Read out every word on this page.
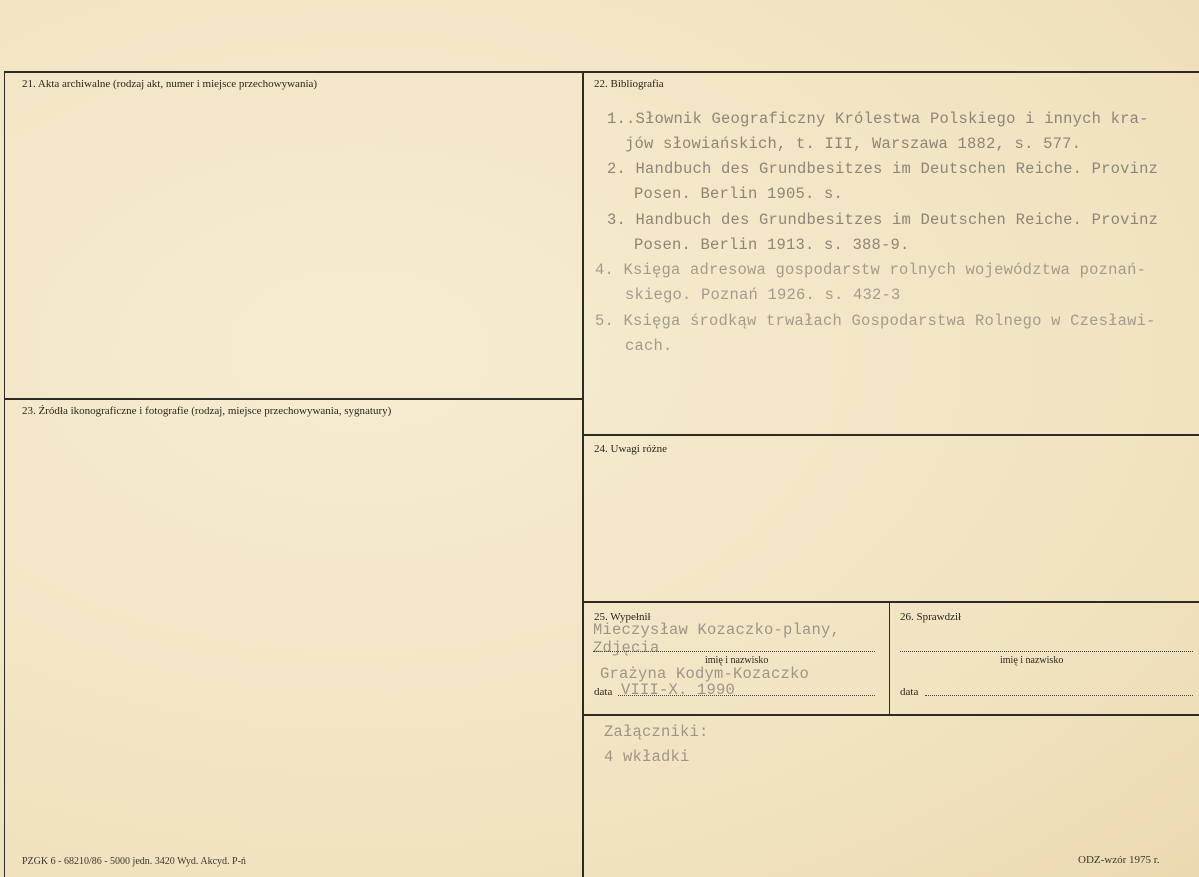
21. Akta archiwalne (rodzaj akt, numer i miejsce przechowywania)	22. Bibliografia
1..Słownik Geograficzny Królestwa Polskiego i innych kra-
jów słowiańskich, t. III, Warszawa 1882, s. 577.
2. Handbuch des Grundbesitzes im Deutschen Reiche. Provinz
Posen. Berlin 1905. s.
3. Handbuch des Grundbesitzes im Deutschen Reiche. Provinz
Posen. Berlin 1913. s. 388-9.
4. Księga adresowa gospodarstw rolnych województwa poznań-
skiego. Poznań 1926. s. 432-3
5. Księga środkąw trwałach Gospodarstwa Rolnego w Czesławi-
cach.
23. Źródła ikonograficzne i fotografie (rodzaj, miejsce przechowywania, sygnatury)
24. Uwagi różne
25. Wypełnił
Mieczysław Kozaczko-plany,
Zdjęcia
imię i nazwisko
Grażyna Kodym-Kozaczko
data VIII-X. 1990
26. Sprawdził
imię i nazwisko
data
Załączniki:
4 wkładki
PZGK 6 - 68210/86 - 5000 jedn. 3420 Wyd. Akcyd. P-ń	ODZ-wzór 1975 r.
